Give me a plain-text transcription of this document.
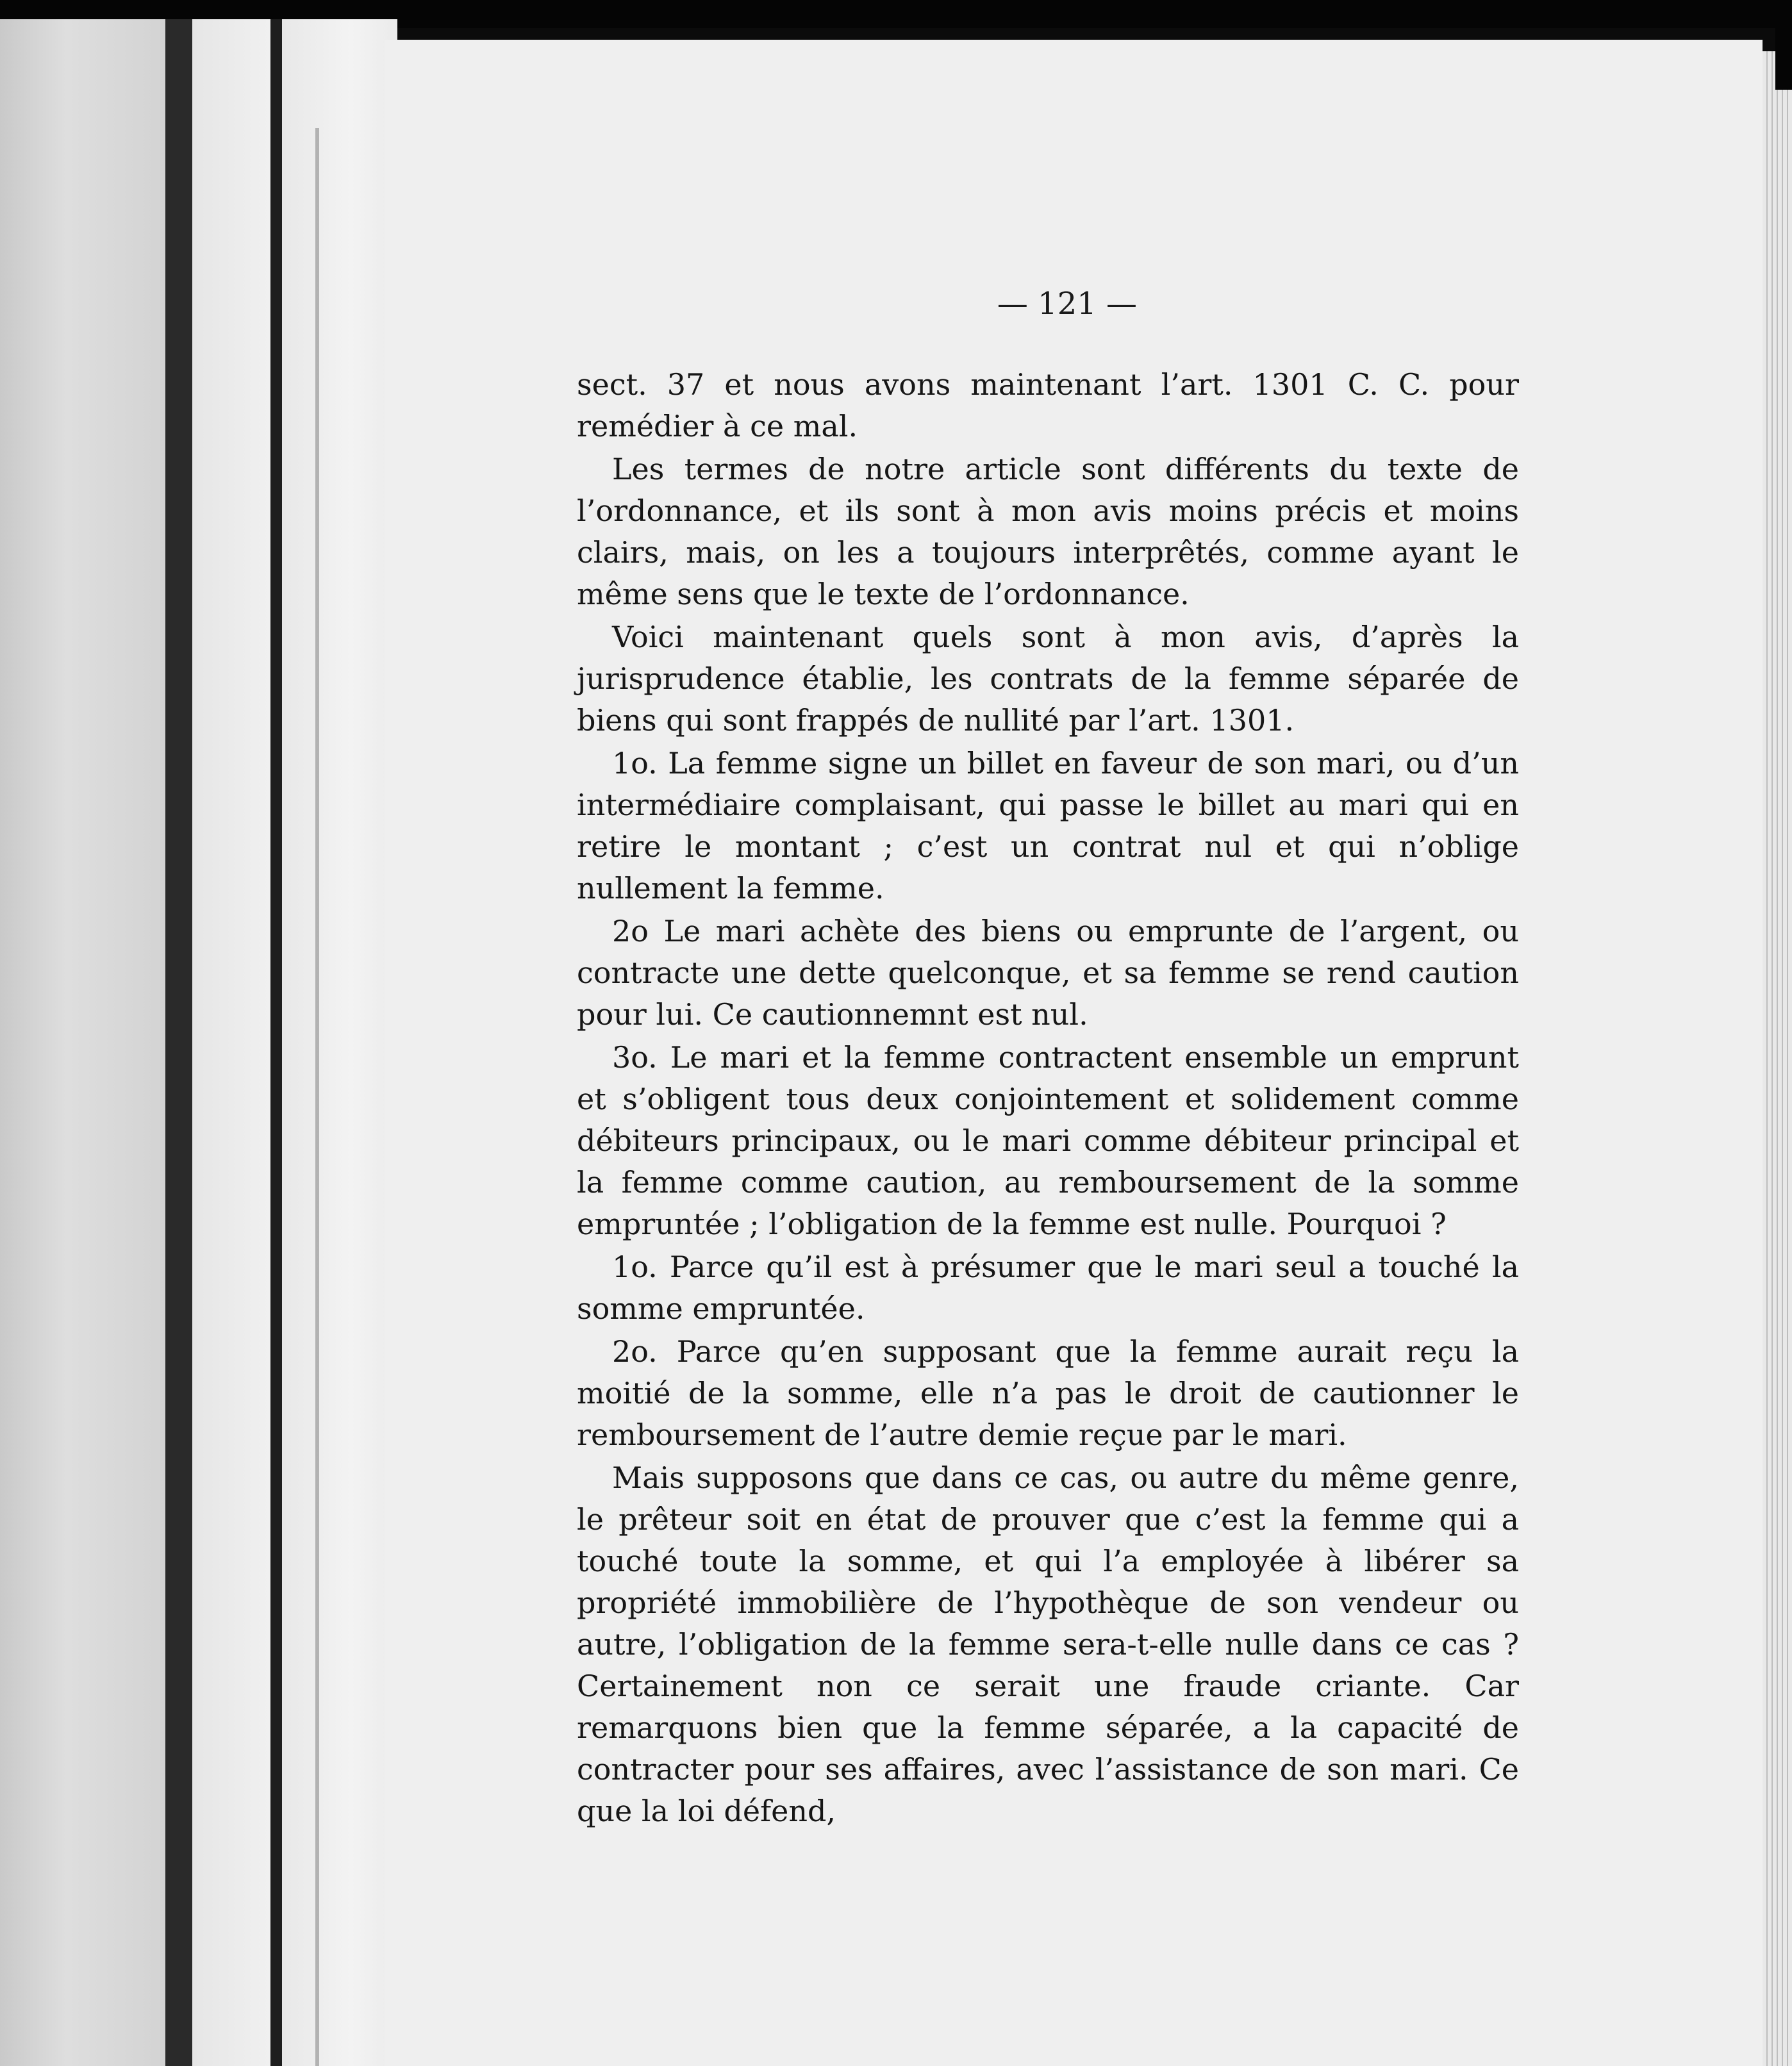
— 121 —

sect. 37 et nous avons maintenant l’art. 1301 C. C. pour remédier à ce mal.

Les termes de notre article sont différents du texte de l’ordonnance, et ils sont à mon avis moins précis et moins clairs, mais, on les a toujours interprêtés, comme ayant le même sens que le texte de l’ordonnance.

Voici maintenant quels sont à mon avis, d’après la jurisprudence établie, les contrats de la femme séparée de biens qui sont frappés de nullité par l’art. 1301.

1o. La femme signe un billet en faveur de son mari, ou d’un intermédiaire complaisant, qui passe le billet au mari qui en retire le montant ; c’est un contrat nul et qui n’oblige nullement la femme.

2o Le mari achète des biens ou emprunte de l’argent, ou contracte une dette quelconque, et sa femme se rend caution pour lui. Ce cautionnemnt est nul.

3o. Le mari et la femme contractent ensemble un emprunt et s’obligent tous deux conjointement et solidement comme débiteurs principaux, ou le mari comme débiteur principal et la femme comme caution, au remboursement de la somme empruntée ; l’obligation de la femme est nulle. Pourquoi ?

1o. Parce qu’il est à présumer que le mari seul a touché la somme empruntée.

2o. Parce qu’en supposant que la femme aurait reçu la moitié de la somme, elle n’a pas le droit de cautionner le remboursement de l’autre demie reçue par le mari.

Mais supposons que dans ce cas, ou autre du même genre, le prêteur soit en état de prouver que c’est la femme qui a touché toute la somme, et qui l’a employée à libérer sa propriété immobilière de l’hypothèque de son vendeur ou autre, l’obligation de la femme sera-t-elle nulle dans ce cas ? Certainement non ce serait une fraude criante. Car remarquons bien que la femme séparée, a la capacité de contracter pour ses affaires, avec l’assistance de son mari. Ce que la loi défend,
